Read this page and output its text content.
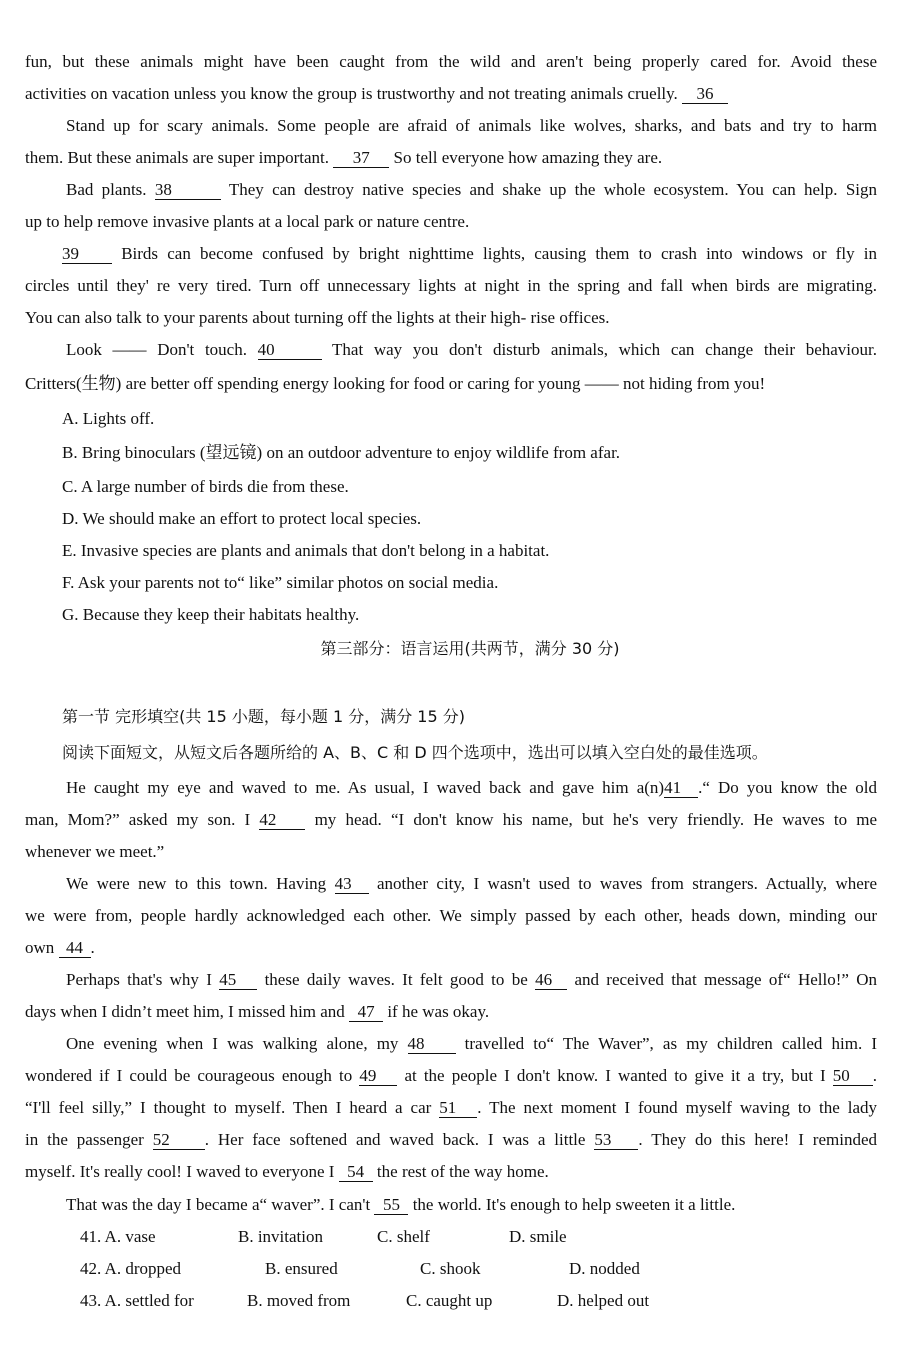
fun, but these animals might have been caught from the wild and aren't being properly cared for. Avoid these
activities on vacation unless you know the group is trustworthy and not treating animals cruelly. 36
Stand up for scary animals. Some people are afraid of animals like wolves, sharks, and bats and try to harm
them. But these animals are super important. 37 So tell everyone how amazing they are.
Bad plants. 38	They can destroy native species and shake up the whole ecosystem. You can help. Sign
up to help remove invasive plants at a local park or nature centre.
39 Birds can become confused by bright nighttime lights, causing them to crash into windows or fly in
circles until they' re very tired. Turn off unnecessary lights at night in the spring and fall when birds are migrating.
You can also talk to your parents about turning off the lights at their high- rise offices.
Look —— Don't touch. 40	That way you don't disturb animals, which can change their behaviour.
Critters(生物) are better off spending energy looking for food or caring for young —— not hiding from you!
A. Lights off.
B. Bring binoculars (望远镜) on an outdoor adventure to enjoy wildlife from afar.
C. A large number of birds die from these.
D. We should make an effort to protect local species.
E. Invasive species are plants and animals that don't belong in a habitat.
F. Ask your parents not to“ like” similar photos on social media.
G. Because they keep their habitats healthy.
第三部分：语言运用(共两节，满分 30 分)
第一节 完形填空(共 15 小题，每小题 1 分，满分 15 分)
阅读下面短文，从短文后各题所给的 A、B、C 和 D 四个选项中，选出可以填入空白处的最佳选项。
He caught my eye and waved to me. As usual, I waved back and gave him a(n)41 .“ Do you know the old
man, Mom?” asked my son. I 42 my head. “I don't know his name, but he's very friendly. He waves to me
whenever we meet.”
We were new to this town. Having 43 another city, I wasn't used to waves from strangers. Actually, where
we were from, people hardly acknowledged each other. We simply passed by each other, heads down, minding our
own 44 .
Perhaps that's why I 45 these daily waves. It felt good to be 46 and received that message of“ Hello!” On
days when I didn’t meet him, I missed him and 47 if he was okay.
One evening when I was walking alone, my 48 travelled to“ The Waver”, as my children called him. I
wondered if I could be courageous enough to 49 at the people I don't know. I wanted to give it a try, but I 50 .
“I'll feel silly,” I thought to myself. Then I heard a car 51 . The next moment I found myself waving to the lady
in the passenger 52 . Her face softened and waved back. I was a little 53 . They do this here! I reminded
myself. It's really cool! I waved to everyone I 54 the rest of the way home.
That was the day I became a“ waver”. I can't 55 the world. It's enough to help sweeten it a little.
41. A. vase	B. invitation	C. shelf	D. smile
42. A. dropped	B. ensured	C. shook	D. nodded
43. A. settled for	B. moved from	C. caught up	D. helped out
